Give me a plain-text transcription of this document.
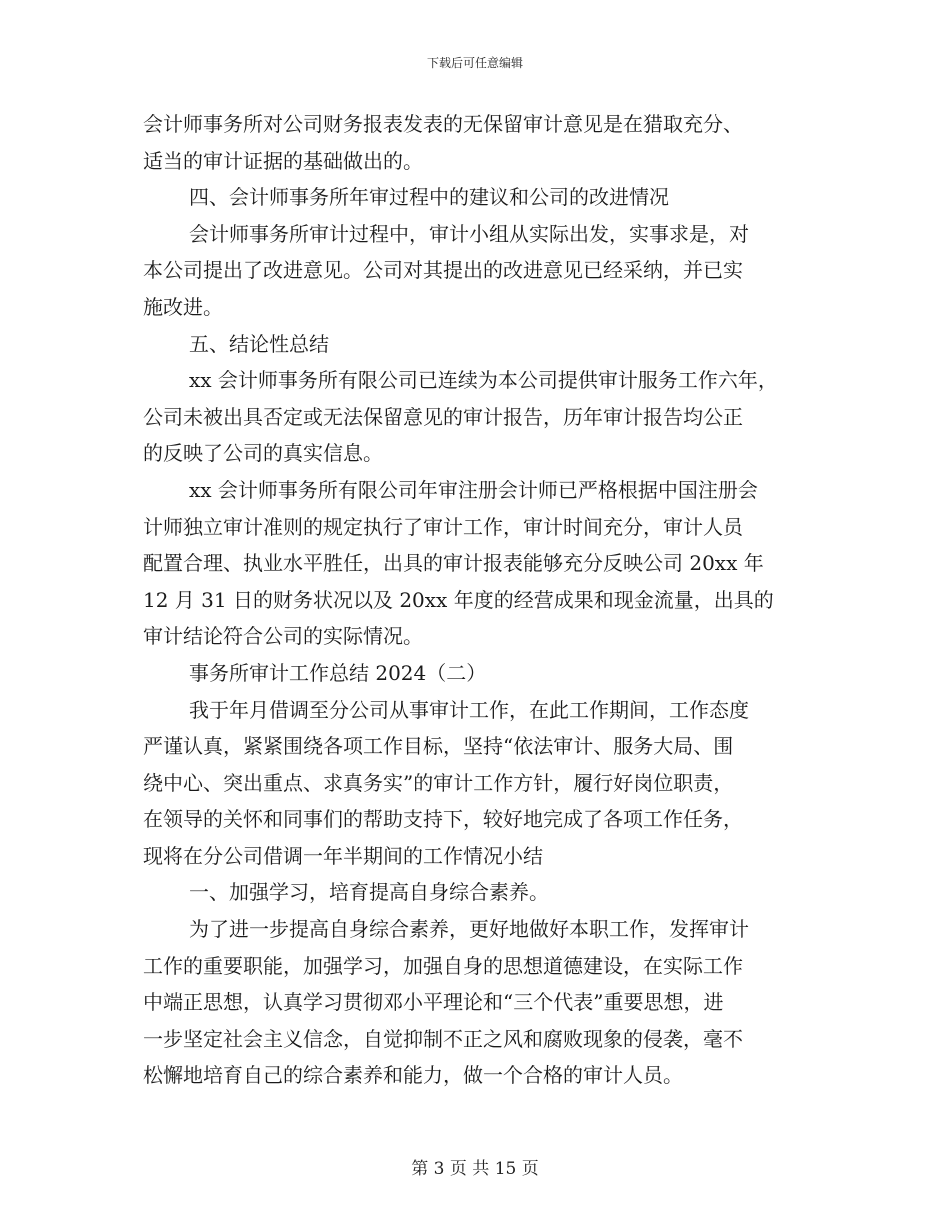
下载后可任意编辑
会计师事务所对公司财务报表发表的无保留审计意见是在猎取充分、
适当的审计证据的基础做出的。
四、会计师事务所年审过程中的建议和公司的改进情况
会计师事务所审计过程中，审计小组从实际出发，实事求是，对
本公司提出了改进意见。公司对其提出的改进意见已经采纳，并已实
施改进。
五、结论性总结
xx 会计师事务所有限公司已连续为本公司提供审计服务工作六年，
公司未被出具否定或无法保留意见的审计报告，历年审计报告均公正
的反映了公司的真实信息。
xx 会计师事务所有限公司年审注册会计师已严格根据中国注册会
计师独立审计准则的规定执行了审计工作，审计时间充分，审计人员
配置合理、执业水平胜任，出具的审计报表能够充分反映公司 20xx 年
12 月 31 日的财务状况以及 20xx 年度的经营成果和现金流量，出具的
审计结论符合公司的实际情况。
事务所审计工作总结 2024（二）
我于年月借调至分公司从事审计工作，在此工作期间，工作态度
严谨认真，紧紧围绕各项工作目标，坚持“依法审计、服务大局、围
绕中心、突出重点、求真务实”的审计工作方针，履行好岗位职责，
在领导的关怀和同事们的帮助支持下，较好地完成了各项工作任务，
现将在分公司借调一年半期间的工作情况小结
一、加强学习，培育提高自身综合素养。
为了进一步提高自身综合素养，更好地做好本职工作，发挥审计
工作的重要职能，加强学习，加强自身的思想道德建设，在实际工作
中端正思想，认真学习贯彻邓小平理论和“三个代表”重要思想，进
一步坚定社会主义信念，自觉抑制不正之风和腐败现象的侵袭，毫不
松懈地培育自己的综合素养和能力，做一个合格的审计人员。
第 3 页 共 15 页
